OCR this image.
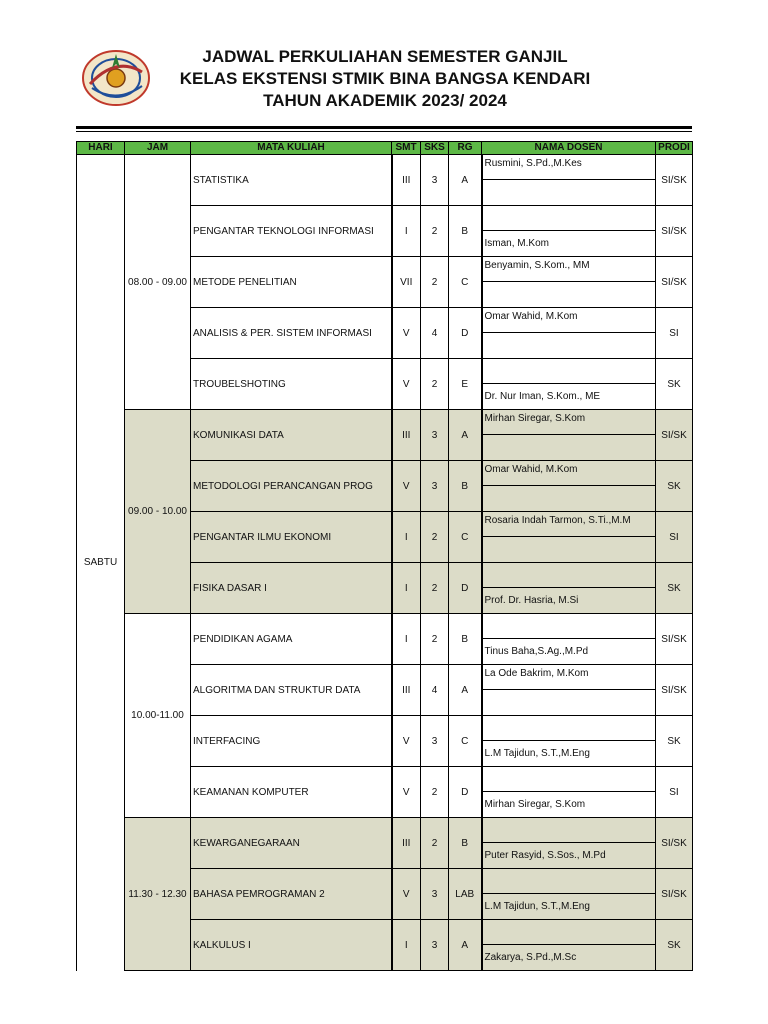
JADWAL PERKULIAHAN SEMESTER GANJIL
KELAS EKSTENSI STMIK BINA BANGSA KENDARI
TAHUN AKADEMIK 2023/ 2024
HARI	JAM	MATA KULIAH	SMT	SKS	RG	NAMA DOSEN	PRODI
SABTU	08.00 - 09.00	STATISTIKA	III	3	A	Rusmini, S.Pd.,M.Kes	SI/SK
		PENGANTAR TEKNOLOGI INFORMASI	I	2	B	Isman, M.Kom	SI/SK
		METODE PENELITIAN	VII	2	C	Benyamin, S.Kom., MM	SI/SK
		ANALISIS & PER. SISTEM INFORMASI	V	4	D	Omar Wahid, M.Kom	SI
		TROUBELSHOTING	V	2	E	Dr. Nur Iman, S.Kom., ME	SK
	09.00 - 10.00	KOMUNIKASI DATA	III	3	A	Mirhan Siregar, S.Kom	SI/SK
		METODOLOGI PERANCANGAN PROG	V	3	B	Omar Wahid, M.Kom	SK
		PENGANTAR ILMU EKONOMI	I	2	C	Rosaria Indah Tarmon, S.Ti.,M.M	SI
		FISIKA DASAR I	I	2	D	Prof. Dr. Hasria, M.Si	SK
	10.00-11.00	PENDIDIKAN AGAMA	I	2	B	Tinus Baha,S.Ag.,M.Pd	SI/SK
		ALGORITMA DAN STRUKTUR DATA	III	4	A	La Ode Bakrim, M.Kom	SI/SK
		INTERFACING	V	3	C	L.M Tajidun, S.T.,M.Eng	SK
		KEAMANAN KOMPUTER	V	2	D	Mirhan Siregar, S.Kom	SI
	11.30 - 12.30	KEWARGANEGARAAN	III	2	B	Puter Rasyid, S.Sos., M.Pd	SI/SK
		BAHASA PEMROGRAMAN 2	V	3	LAB	L.M Tajidun, S.T.,M.Eng	SI/SK
		KALKULUS I	I	3	A	Zakarya, S.Pd.,M.Sc	SK
